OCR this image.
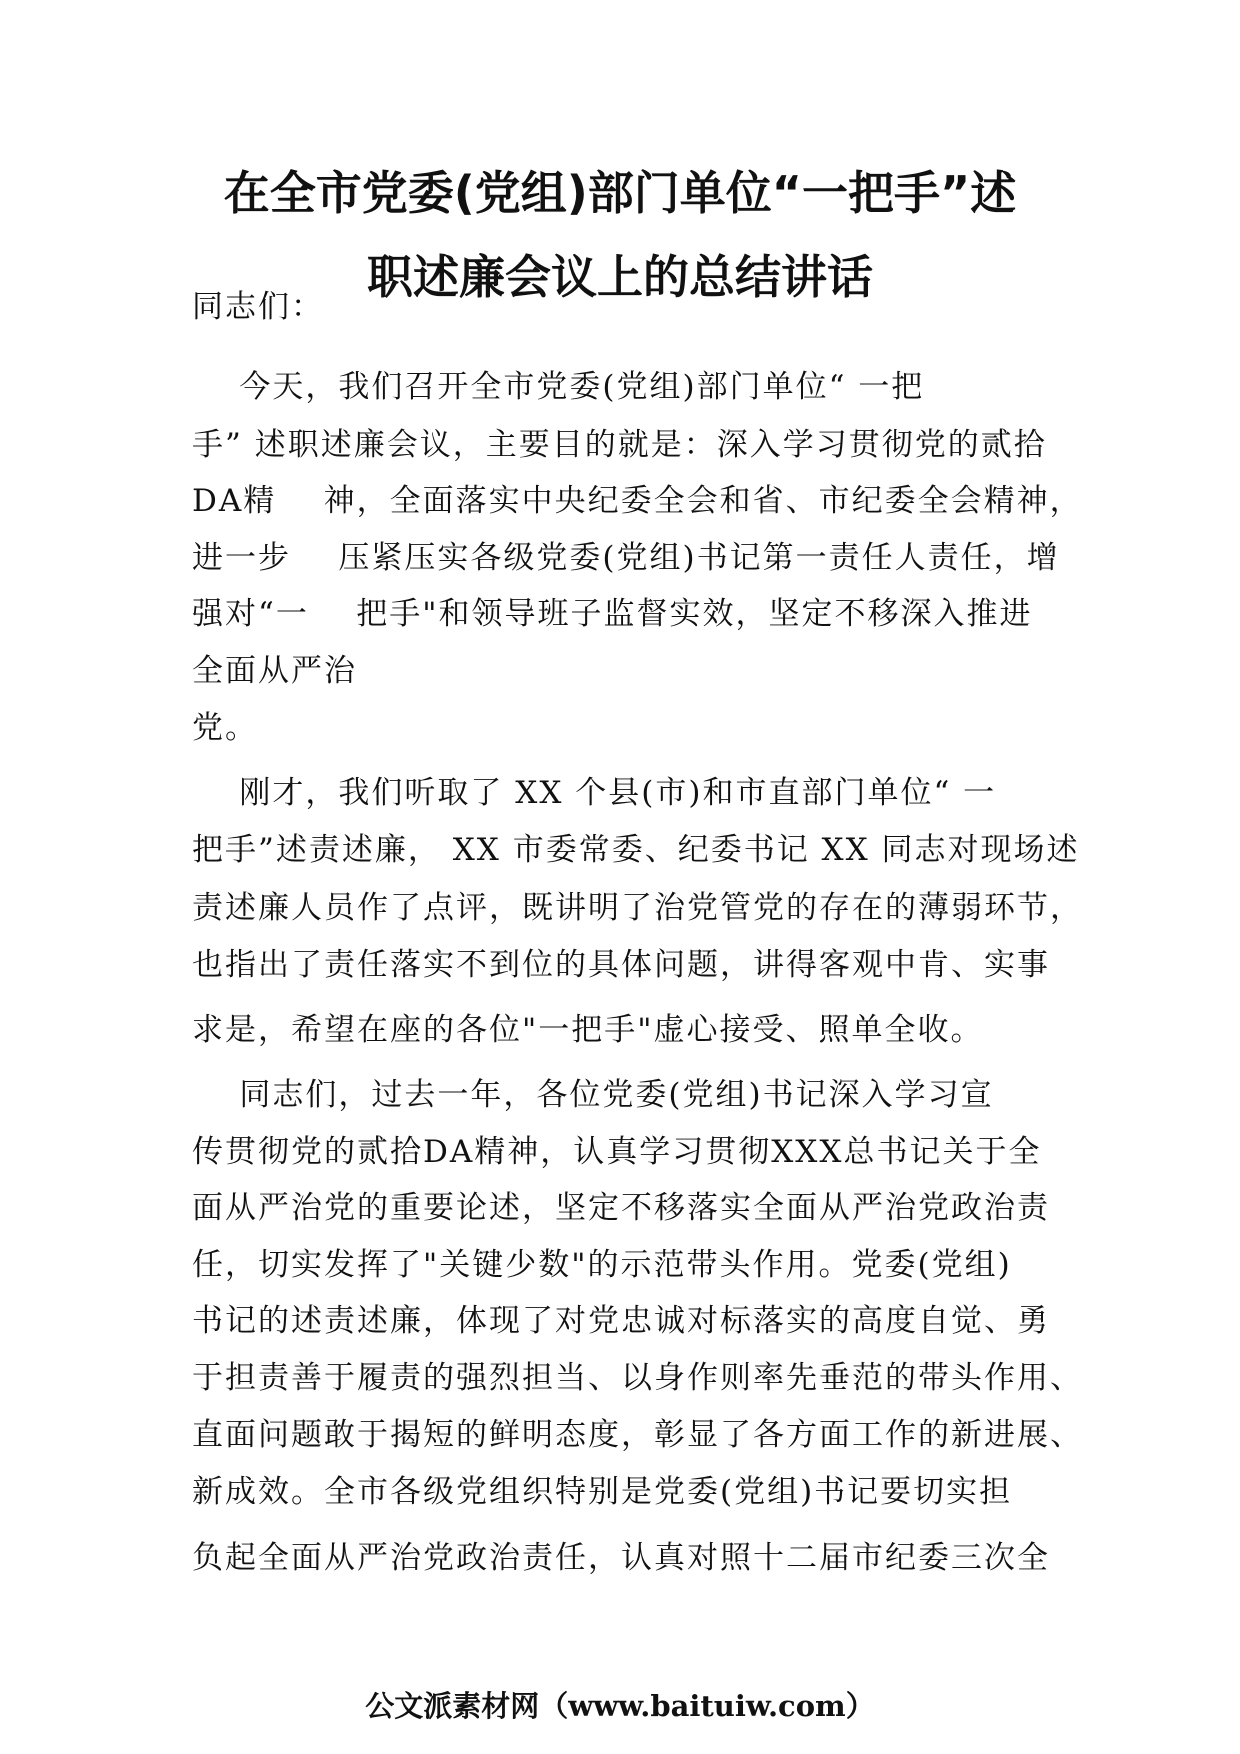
在全市党委(党组)部门单位“一把手”述
职述廉会议上的总结讲话
同志们：
今天，我们召开全市党委(党组)部门单位“ 一把
手” 述职述廉会议，主要目的就是：深入学习贯彻党的贰拾
DA精    神，全面落实中央纪委全会和省、市纪委全会精神，
进一步    压紧压实各级党委(党组)书记第一责任人责任，增
强对“一    把手"和领导班子监督实效，坚定不移深入推进
全面从严治
党。
刚才，我们听取了 XX 个县(市)和市直部门单位“ 一
把手”述责述廉， XX 市委常委、纪委书记 XX 同志对现场述
责述廉人员作了点评，既讲明了治党管党的存在的薄弱环节，
也指出了责任落实不到位的具体问题，讲得客观中肯、实事
求是，希望在座的各位"一把手"虚心接受、照单全收。
同志们，过去一年，各位党委(党组)书记深入学习宣
传贯彻党的贰拾DA精神，认真学习贯彻XXX总书记关于全
面从严治党的重要论述，坚定不移落实全面从严治党政治责
任，切实发挥了"关键少数"的示范带头作用。党委(党组)
书记的述责述廉，体现了对党忠诚对标落实的高度自觉、勇
于担责善于履责的强烈担当、以身作则率先垂范的带头作用、
直面问题敢于揭短的鲜明态度，彰显了各方面工作的新进展、
新成效。全市各级党组织特别是党委(党组)书记要切实担
负起全面从严治党政治责任，认真对照十二届市纪委三次全
公文派素材网（www.baituiw.com）
